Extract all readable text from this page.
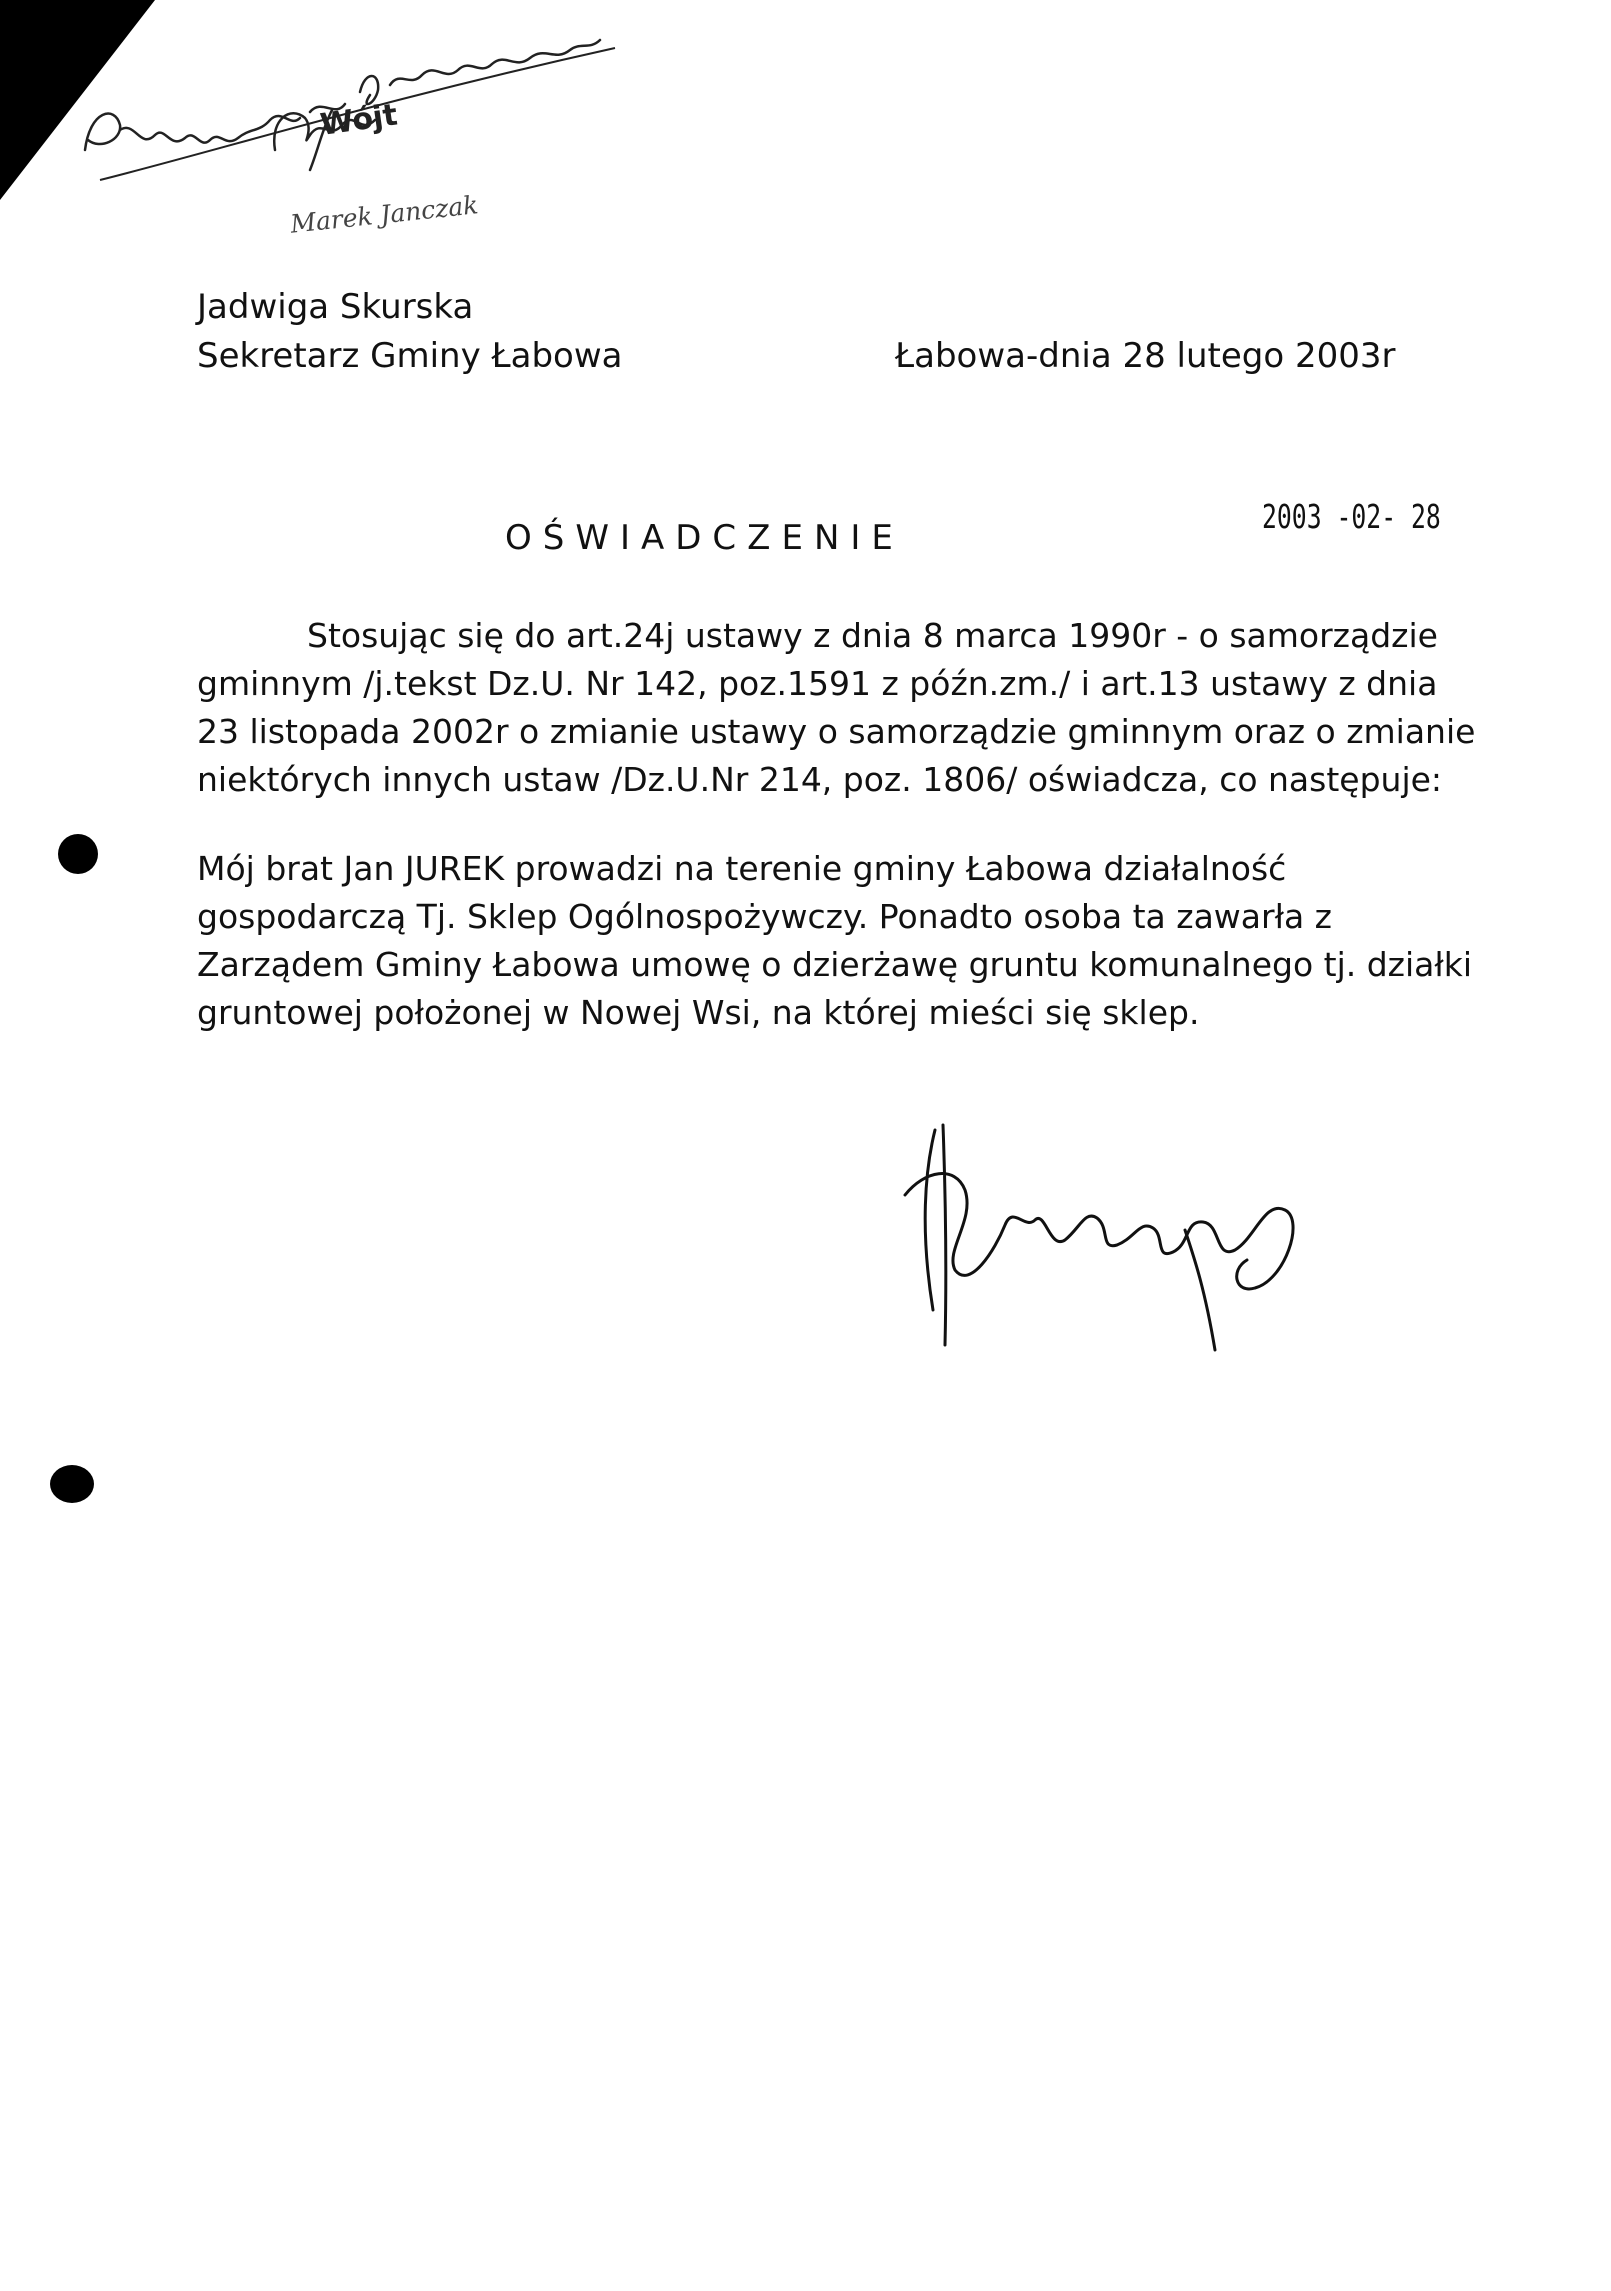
Wójt
Marek Janczak
Jadwiga Skurska
Sekretarz Gminy Łabowa	Łabowa-dnia 28 lutego 2003r
2003 -02- 28
OŚWIADCZENIE

Stosując się do art.24j ustawy z dnia 8 marca 1990r - o samorządzie gminnym /j.tekst Dz.U. Nr 142, poz.1591 z późn.zm./ i art.13 ustawy z dnia 23 listopada 2002r o zmianie ustawy o samorządzie gminnym oraz o zmianie niektórych innych ustaw /Dz.U.Nr 214, poz. 1806/ oświadcza, co następuje:

Mój brat Jan JUREK prowadzi na terenie gminy Łabowa działalność gospodarczą Tj. Sklep Ogólnospożywczy. Ponadto osoba ta zawarła z Zarządem Gminy Łabowa umowę o dzierżawę gruntu komunalnego tj. działki gruntowej położonej w Nowej Wsi, na której mieści się sklep.
